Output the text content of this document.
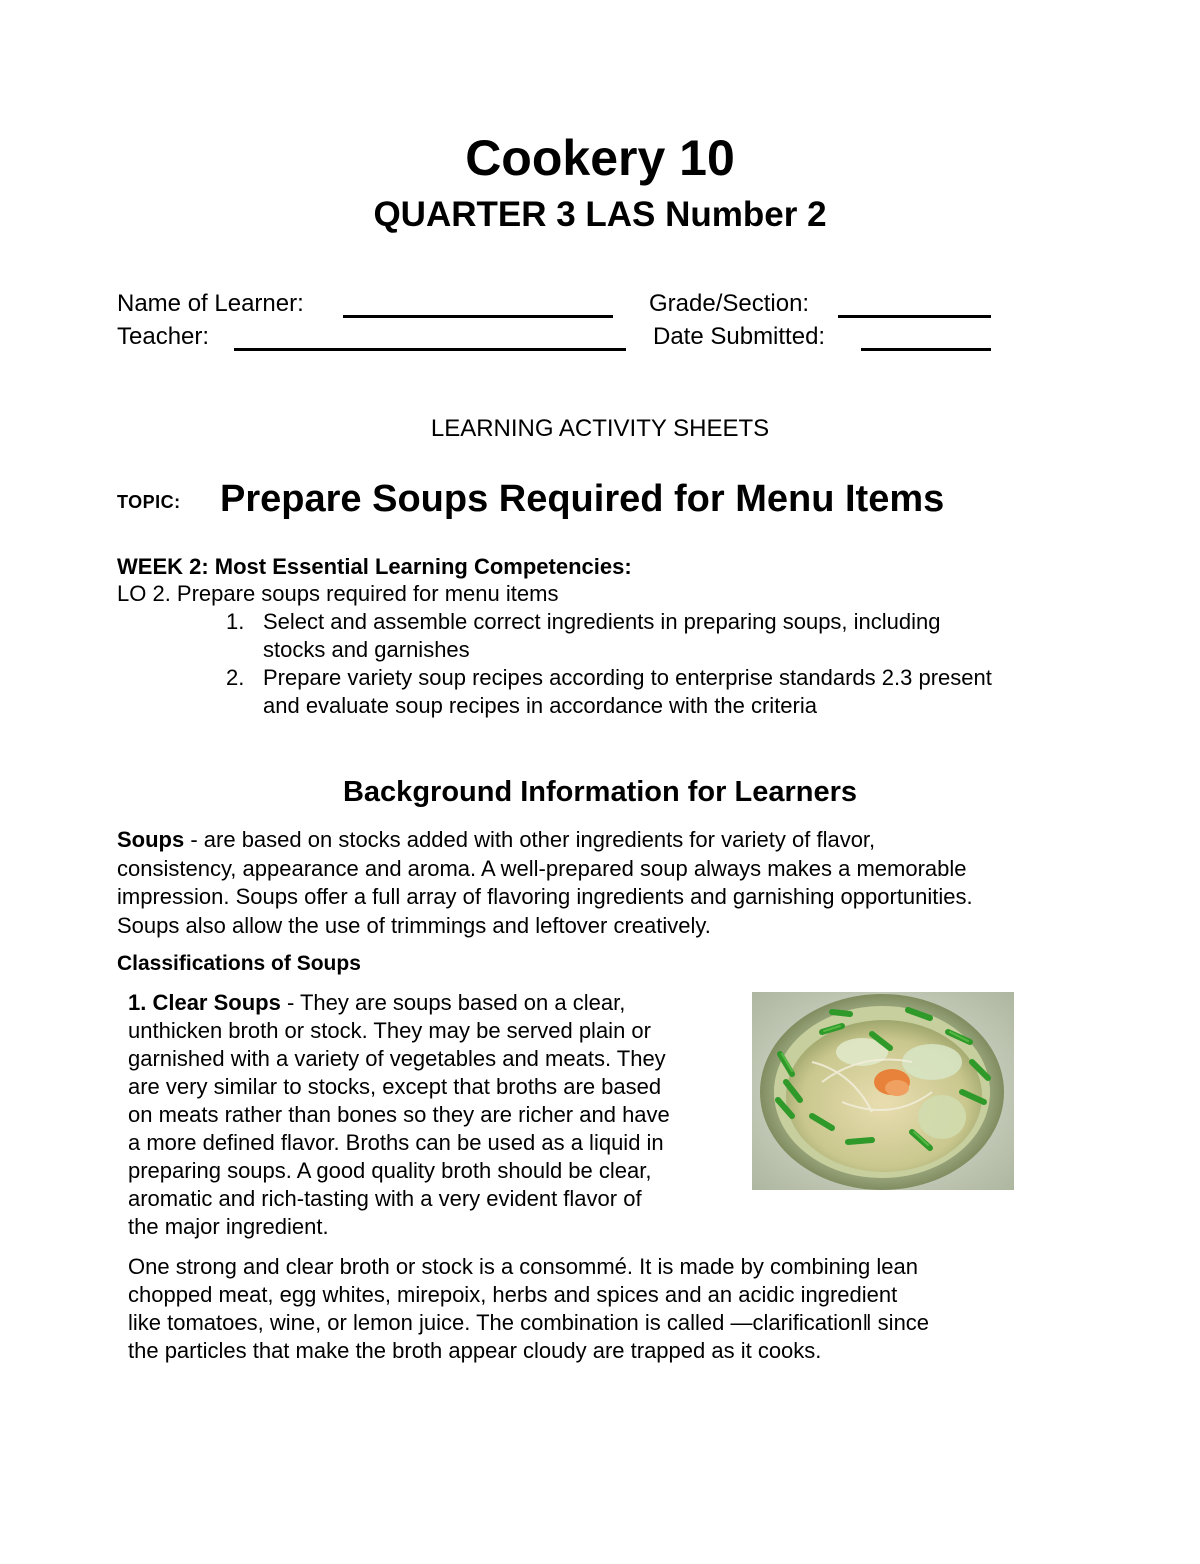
Cookery 10
QUARTER 3 LAS Number 2
Name of Learner:	Grade/Section:
Teacher:	Date Submitted:
LEARNING ACTIVITY SHEETS
TOPIC: Prepare Soups Required for Menu Items
WEEK 2: Most Essential Learning Competencies:
LO 2. Prepare soups required for menu items
1. Select and assemble correct ingredients in preparing soups, including
stocks and garnishes
2. Prepare variety soup recipes according to enterprise standards 2.3 present
and evaluate soup recipes in accordance with the criteria
Background Information for Learners
Soups - are based on stocks added with other ingredients for variety of flavor,
consistency, appearance and aroma. A well-prepared soup always makes a memorable
impression. Soups offer a full array of flavoring ingredients and garnishing opportunities.
Soups also allow the use of trimmings and leftover creatively.
Classifications of Soups
1. Clear Soups - They are soups based on a clear,
unthicken broth or stock. They may be served plain or
garnished with a variety of vegetables and meats. They
are very similar to stocks, except that broths are based
on meats rather than bones so they are richer and have
a more defined flavor. Broths can be used as a liquid in
preparing soups. A good quality broth should be clear,
aromatic and rich-tasting with a very evident flavor of
the major ingredient.
One strong and clear broth or stock is a consommé. It is made by combining lean
chopped meat, egg whites, mirepoix, herbs and spices and an acidic ingredient
like tomatoes, wine, or lemon juice. The combination is called ―clarification‖ since
the particles that make the broth appear cloudy are trapped as it cooks.
